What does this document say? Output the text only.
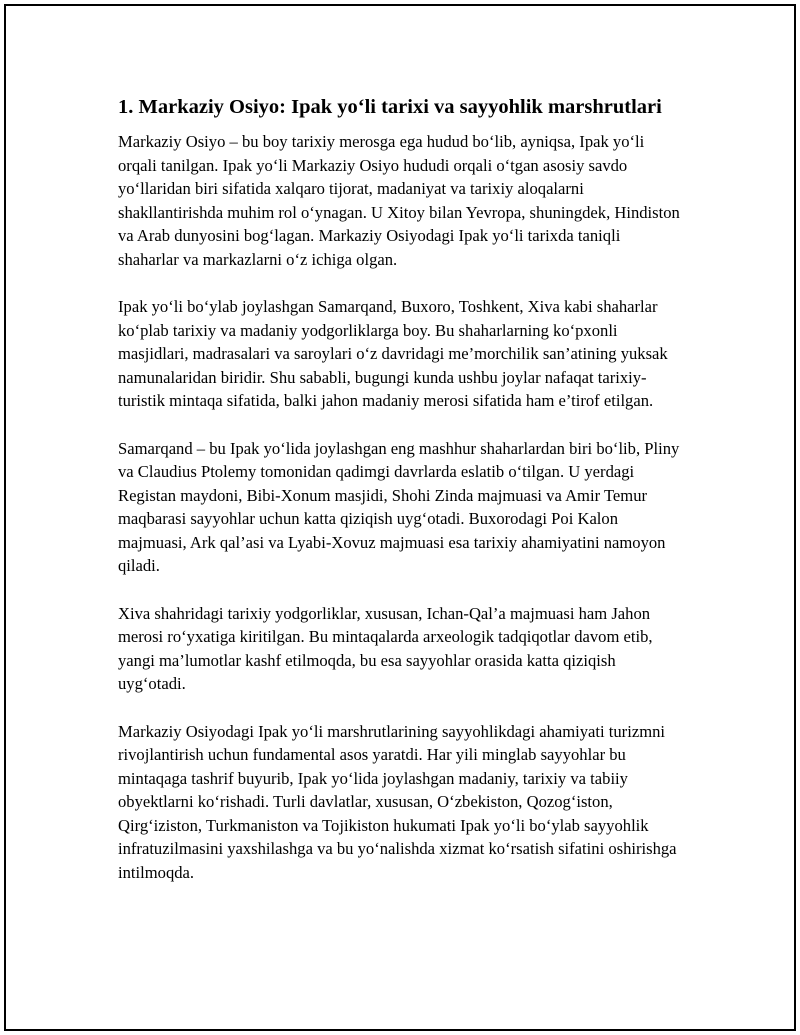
1. Markaziy Osiyo: Ipak yo‘li tarixi va sayyohlik marshrutlari

Markaziy Osiyo – bu boy tarixiy merosga ega hudud bo‘lib, ayniqsa, Ipak yo‘li orqali tanilgan. Ipak yo‘li Markaziy Osiyo hududi orqali o‘tgan asosiy savdo yo‘llaridan biri sifatida xalqaro tijorat, madaniyat va tarixiy aloqalarni shakllantirishda muhim rol o‘ynagan. U Xitoy bilan Yevropa, shuningdek, Hindiston va Arab dunyosini bog‘lagan. Markaziy Osiyodagi Ipak yo‘li tarixda taniqli shaharlar va markazlarni o‘z ichiga olgan.

Ipak yo‘li bo‘ylab joylashgan Samarqand, Buxoro, Toshkent, Xiva kabi shaharlar ko‘plab tarixiy va madaniy yodgorliklarga boy. Bu shaharlarning ko‘pxonli masjidlari, madrasalari va saroylari o‘z davridagi me’morchilik san’atining yuksak namunalaridan biridir. Shu sababli, bugungi kunda ushbu joylar nafaqat tarixiy-turistik mintaqa sifatida, balki jahon madaniy merosi sifatida ham e’tirof etilgan.

Samarqand – bu Ipak yo‘lida joylashgan eng mashhur shaharlardan biri bo‘lib, Pliny va Claudius Ptolemy tomonidan qadimgi davrlarda eslatib o‘tilgan. U yerdagi Registan maydoni, Bibi-Xonum masjidi, Shohi Zinda majmuasi va Amir Temur maqbarasi sayyohlar uchun katta qiziqish uyg‘otadi. Buxorodagi Poi Kalon majmuasi, Ark qal’asi va Lyabi-Xovuz majmuasi esa tarixiy ahamiyatini namoyon qiladi.

Xiva shahridagi tarixiy yodgorliklar, xususan, Ichan-Qal’a majmuasi ham Jahon merosi ro‘yxatiga kiritilgan. Bu mintaqalarda arxeologik tadqiqotlar davom etib, yangi ma’lumotlar kashf etilmoqda, bu esa sayyohlar orasida katta qiziqish uyg‘otadi.

Markaziy Osiyodagi Ipak yo‘li marshrutlarining sayyohlikdagi ahamiyati turizmni rivojlantirish uchun fundamental asos yaratdi. Har yili minglab sayyohlar bu mintaqaga tashrif buyurib, Ipak yo‘lida joylashgan madaniy, tarixiy va tabiiy obyektlarni ko‘rishadi. Turli davlatlar, xususan, O‘zbekiston, Qozog‘iston, Qirg‘iziston, Turkmaniston va Tojikiston hukumati Ipak yo‘li bo‘ylab sayyohlik infratuzilmasini yaxshilashga va bu yo‘nalishda xizmat ko‘rsatish sifatini oshirishga intilmoqda.
